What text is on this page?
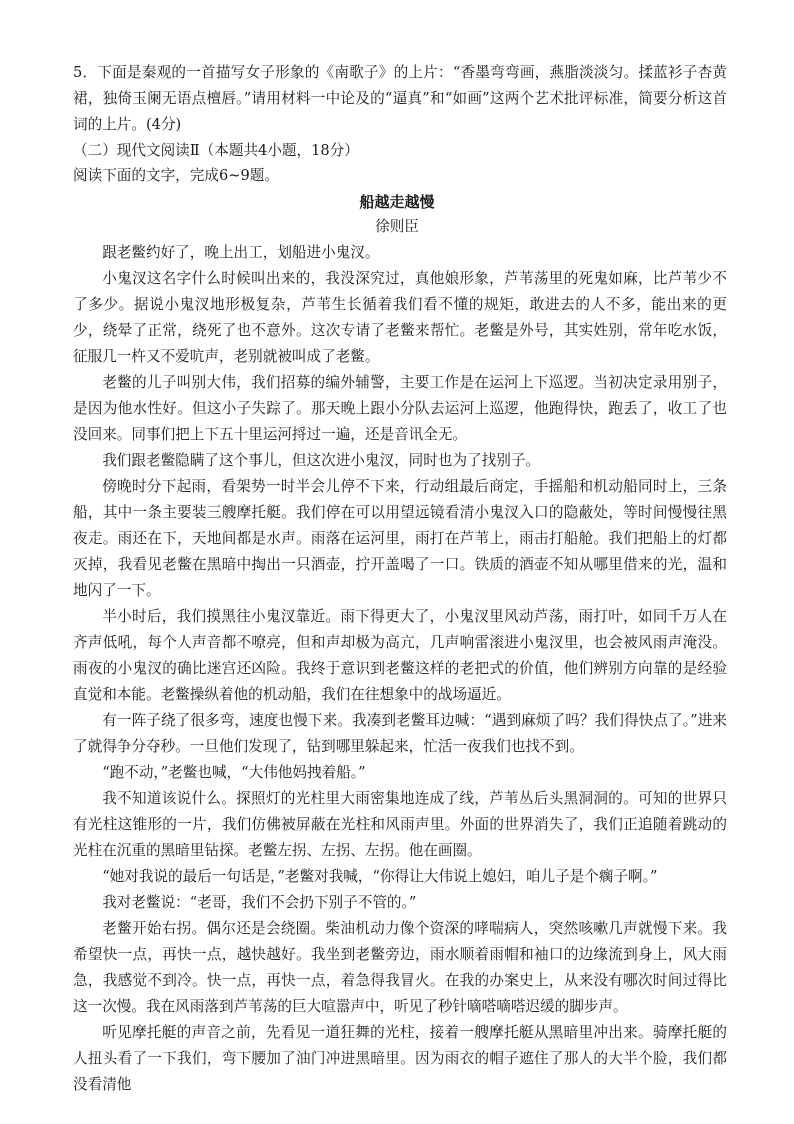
5．下面是秦观的一首描写女子形象的《南歌子》的上片：“香墨弯弯画，燕脂淡淡匀。揉蓝衫子杏黄裙，独倚玉阑无语点檀唇。”请用材料一中论及的“逼真”和“如画”这两个艺术批评标准，简要分析这首词的上片。(4分)

（二）现代文阅读Ⅱ（本题共4小题，18分）

阅读下面的文字，完成6~9题。

船越走越慢
徐则臣

跟老鳖约好了，晚上出工，划船进小鬼汊。

小鬼汊这名字什么时候叫出来的，我没深究过，真他娘形象，芦苇荡里的死鬼如麻，比芦苇少不了多少。据说小鬼汊地形极复杂，芦苇生长循着我们看不懂的规矩，敢进去的人不多，能出来的更少，绕晕了正常，绕死了也不意外。这次专请了老鳖来帮忙。老鳖是外号，其实姓别，常年吃水饭，征服几一杵又不爱吭声，老别就被叫成了老鳖。

老鳖的儿子叫别大伟，我们招募的编外辅警，主要工作是在运河上下巡逻。当初决定录用别子，是因为他水性好。但这小子失踪了。那天晚上跟小分队去运河上巡逻，他跑得快，跑丢了，收工了也没回来。同事们把上下五十里运河捋过一遍，还是音讯全无。

我们跟老鳖隐瞒了这个事儿，但这次进小鬼汊，同时也为了找别子。

傍晚时分下起雨，看架势一时半会儿停不下来，行动组最后商定，手摇船和机动船同时上，三条船，其中一条主要装三艘摩托艇。我们停在可以用望远镜看清小鬼汊入口的隐蔽处，等时间慢慢往黑夜走。雨还在下，天地间都是水声。雨落在运河里，雨打在芦苇上，雨击打船舱。我们把船上的灯都灭掉，我看见老鳖在黑暗中掏出一只酒壶，拧开盖喝了一口。铁质的酒壶不知从哪里借来的光，温和地闪了一下。

半小时后，我们摸黑往小鬼汊靠近。雨下得更大了，小鬼汊里风动芦荡，雨打叶，如同千万人在齐声低吼，每个人声音都不嘹亮，但和声却极为高亢，几声响雷滚进小鬼汊里，也会被风雨声淹没。雨夜的小鬼汊的确比迷宫还凶险。我终于意识到老鳖这样的老把式的价值，他们辨别方向靠的是经验直觉和本能。老鳖操纵着他的机动船，我们在往想象中的战场逼近。

有一阵子绕了很多弯，速度也慢下来。我凑到老鳖耳边喊：“遇到麻烦了吗？我们得快点了。”进来了就得争分夺秒。一旦他们发现了，钻到哪里躲起来，忙活一夜我们也找不到。

“跑不动，”老鳖也喊，“大伟他妈拽着船。”

我不知道该说什么。探照灯的光柱里大雨密集地连成了线，芦苇丛后头黑洞洞的。可知的世界只有光柱这锥形的一片，我们仿佛被屏蔽在光柱和风雨声里。外面的世界消失了，我们正追随着跳动的光柱在沉重的黑暗里钻探。老鳖左拐、左拐、左拐。他在画圈。

“她对我说的最后一句话是，”老鳖对我喊，“你得让大伟说上媳妇，咱儿子是个瘸子啊。”

我对老鳖说：“老哥，我们不会扔下别子不管的。”

老鳖开始右拐。偶尔还是会绕圈。柴油机动力像个资深的哮喘病人，突然咳嗽几声就慢下来。我希望快一点，再快一点，越快越好。我坐到老鳖旁边，雨水顺着雨帽和袖口的边缘流到身上，风大雨急，我感觉不到冷。快一点，再快一点，着急得我冒火。在我的办案史上，从来没有哪次时间过得比这一次慢。我在风雨落到芦苇荡的巨大喧嚣声中，听见了秒针嘀嗒嘀嗒迟缓的脚步声。

听见摩托艇的声音之前，先看见一道狂舞的光柱，接着一艘摩托艇从黑暗里冲出来。骑摩托艇的人扭头看了一下我们，弯下腰加了油门冲进黑暗里。因为雨衣的帽子遮住了那人的大半个脸，我们都没看清他
